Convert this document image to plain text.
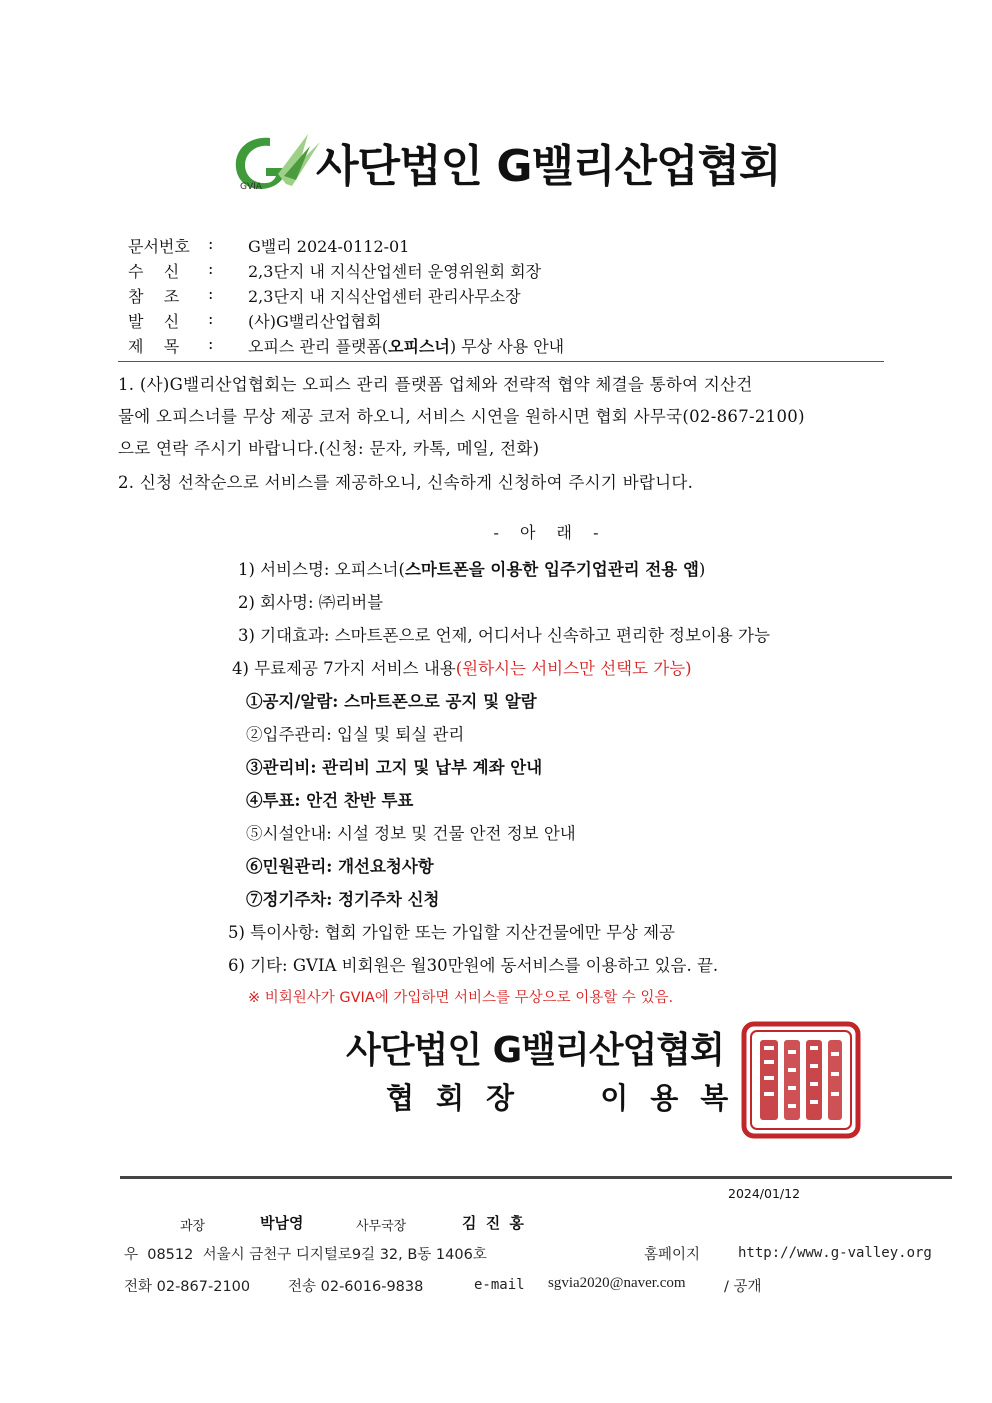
GVIA 사단법인 G밸리산업협회
문서번호	: G밸리 2024-0112-01
수    신	: 2,3단지 내 지식산업센터 운영위원회 회장
참    조	: 2,3단지 내 지식산업센터 관리사무소장
발    신	: (사)G밸리산업협회
제    목	: 오피스 관리 플랫폼(오피스너) 무상 사용 안내
1. (사)G밸리산업협회는 오피스 관리 플랫폼 업체와 전략적 협약 체결을 통하여 지산건
물에 오피스너를 무상 제공 코저 하오니, 서비스 시연을 원하시면 협회 사무국(02-867-2100)
으로 연락 주시기 바랍니다.(신청: 문자, 카톡, 메일, 전화)
2. 신청 선착순으로 서비스를 제공하오니, 신속하게 신청하여 주시기 바랍니다.
- 아 래 -
1) 서비스명: 오피스너(스마트폰을 이용한 입주기업관리 전용 앱)
2) 회사명: ㈜리버블
3) 기대효과: 스마트폰으로 언제, 어디서나 신속하고 편리한 정보이용 가능
4) 무료제공 7가지 서비스 내용(원하시는 서비스만 선택도 가능)
①공지/알람: 스마트폰으로 공지 및 알람
②입주관리: 입실 및 퇴실 관리
③관리비: 관리비 고지 및 납부 계좌 안내
④투표: 안건 찬반 투표
⑤시설안내: 시설 정보 및 건물 안전 정보 안내
⑥민원관리: 개선요청사항
⑦정기주차: 정기주차 신청
5) 특이사항: 협회 가입한 또는 가입할 지산건물에만 무상 제공
6) 기타: GVIA 비회원은 월30만원에 동서비스를 이용하고 있음. 끝.
※ 비회원사가 GVIA에 가입하면 서비스를 무상으로 이용할 수 있음.
사단법인 G밸리산업협회
협회장  이용복
2024/01/12
과장	박남영	사무국장	김 진 홍
우  08512  서울시 금천구 디지털로9길 32, B동 1406호	홈페이지	http://www.g-valley.org
전화 02-867-2100	전송 02-6016-9838	e-mail sgvia2020@naver.com	/ 공개
